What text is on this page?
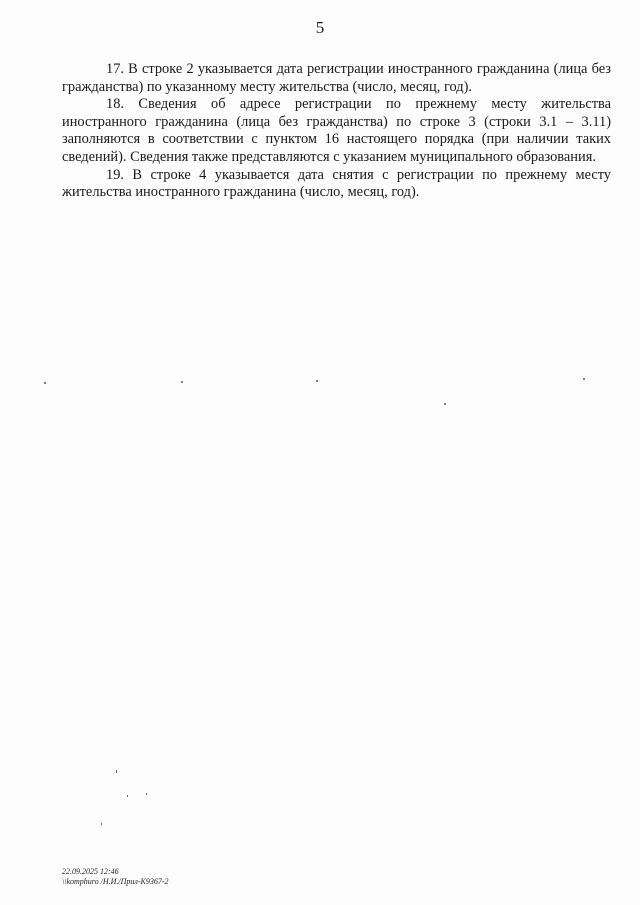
5

17. В строке 2 указывается дата регистрации иностранного гражданина (лица без гражданства) по указанному месту жительства (число, месяц, год).

18. Сведения об адресе регистрации по прежнему месту жительства иностранного гражданина (лица без гражданства) по строке 3 (строки 3.1 – 3.11) заполняются в соответствии с пунктом 16 настоящего порядка (при наличии таких сведений). Сведения также представляются с указанием муниципального образования.

19. В строке 4 указывается дата снятия с регистрации по прежнему месту жительства иностранного гражданина (число, месяц, год).

22.09.2025 12:46
\\komphuro /Н.И./Прил-К9367-2
